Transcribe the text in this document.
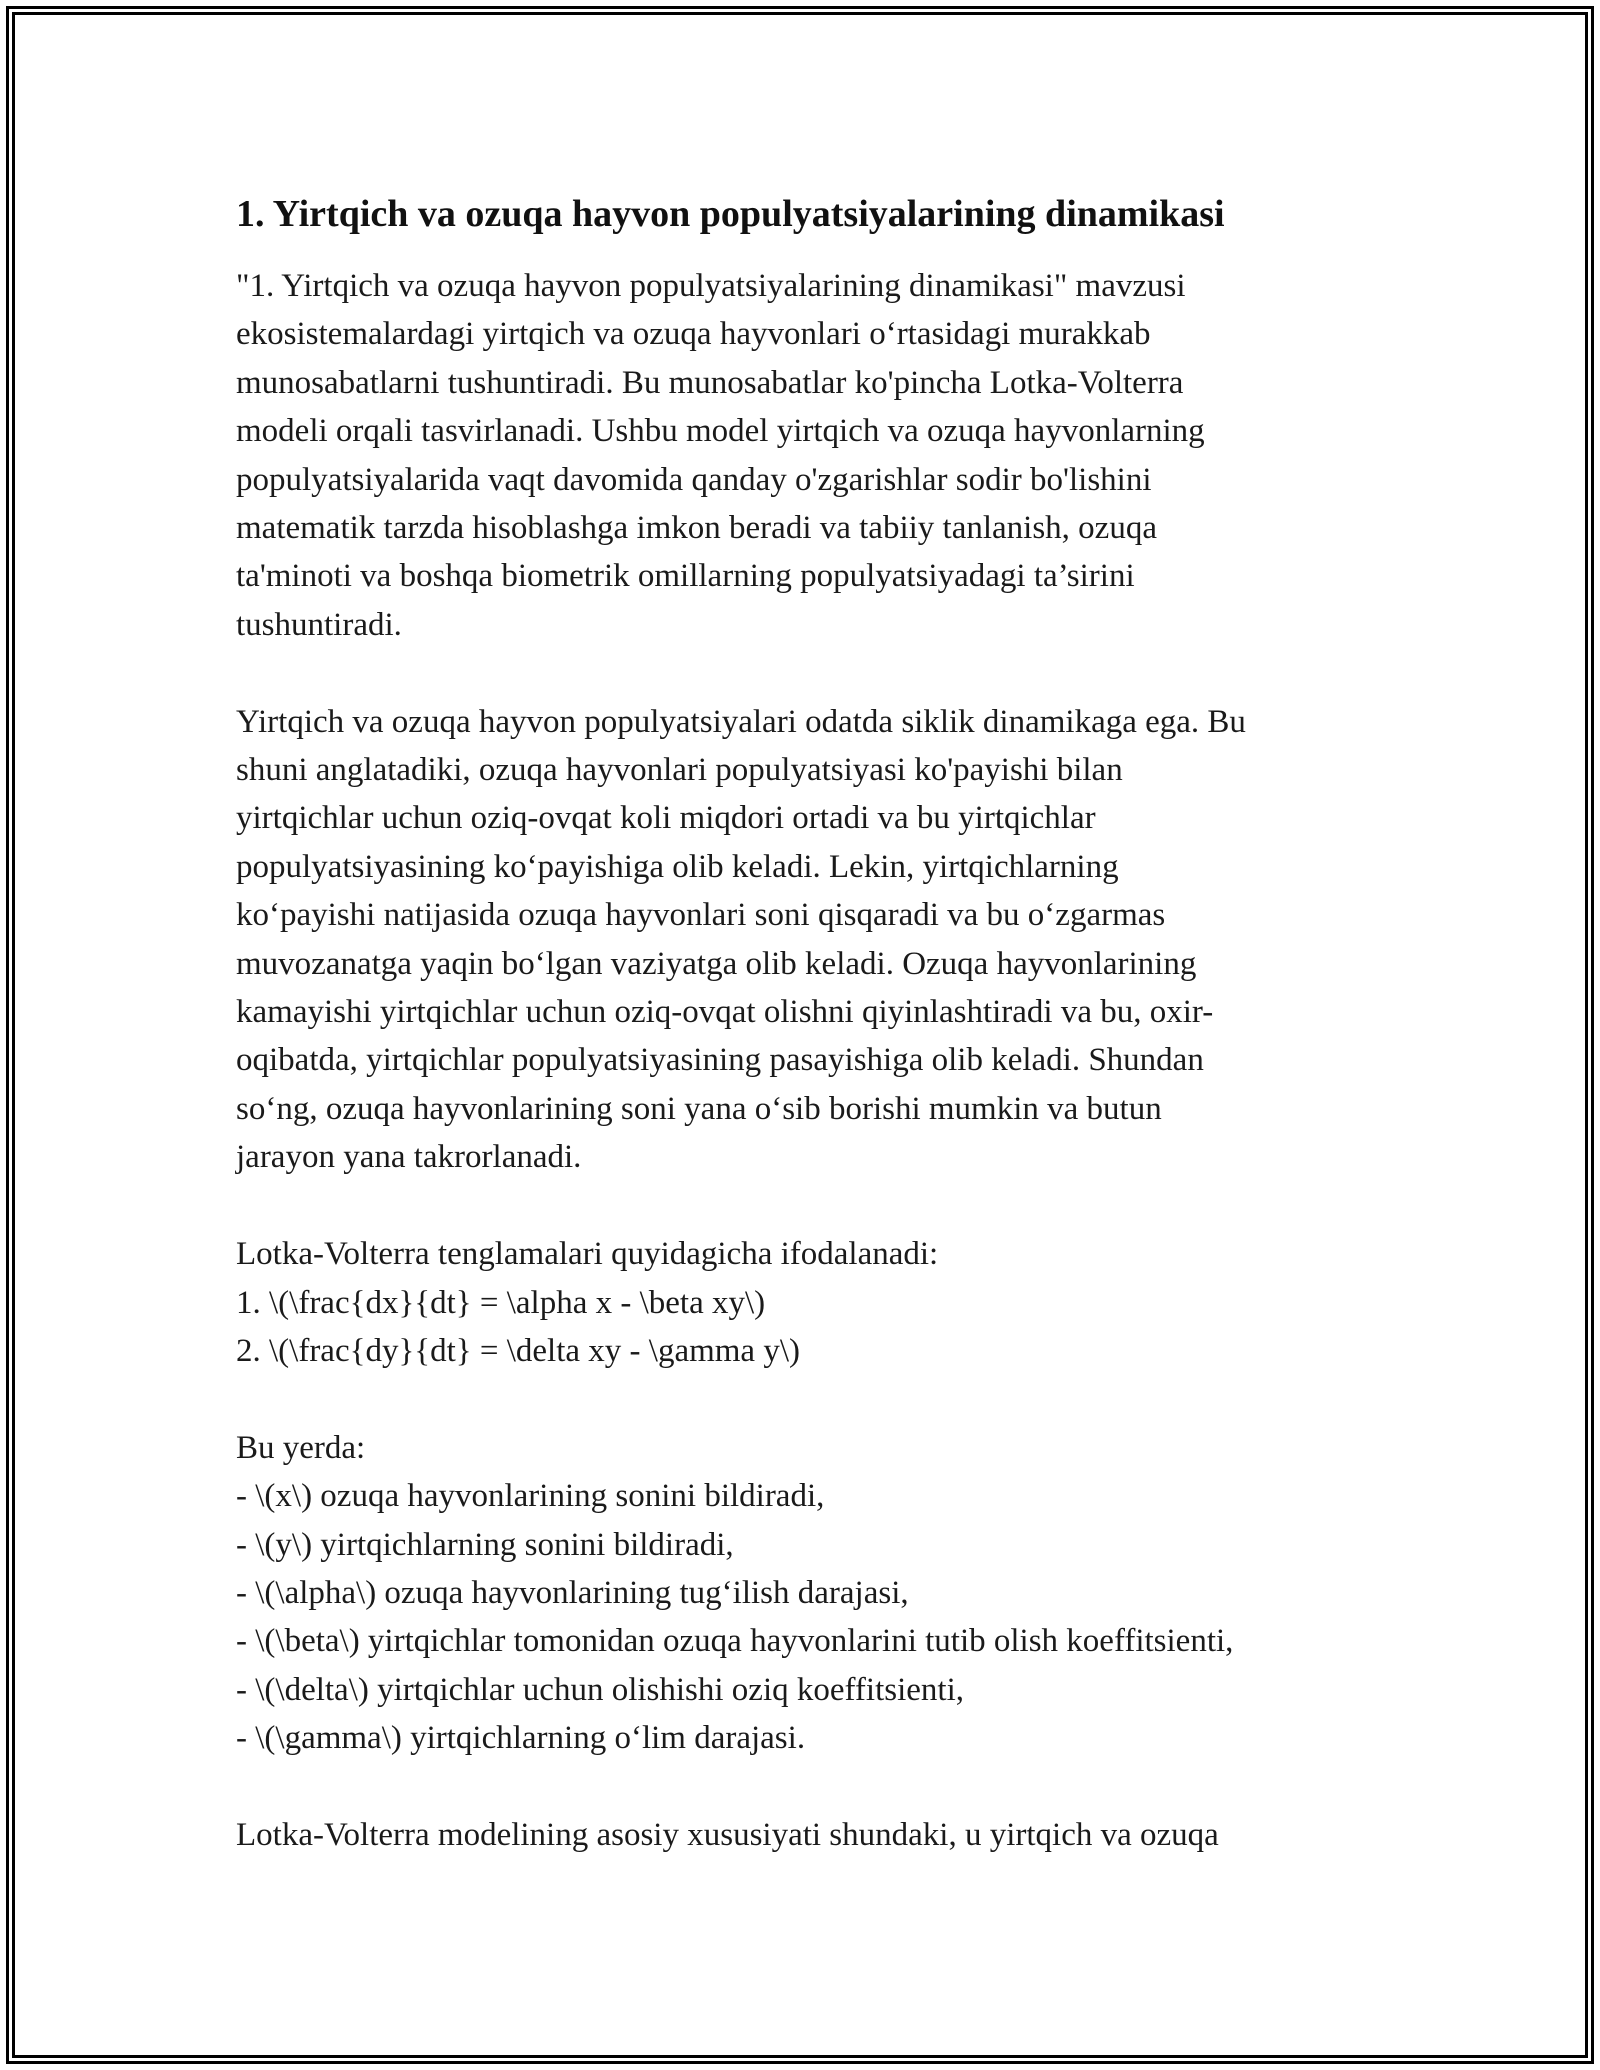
1. Yirtqich va ozuqa hayvon populyatsiyalarining dinamikasi

"1. Yirtqich va ozuqa hayvon populyatsiyalarining dinamikasi" mavzusi
ekosistemalardagi yirtqich va ozuqa hayvonlari o‘rtasidagi murakkab
munosabatlarni tushuntiradi. Bu munosabatlar ko'pincha Lotka-Volterra
modeli orqali tasvirlanadi. Ushbu model yirtqich va ozuqa hayvonlarning
populyatsiyalarida vaqt davomida qanday o'zgarishlar sodir bo'lishini
matematik tarzda hisoblashga imkon beradi va tabiiy tanlanish, ozuqa
ta'minoti va boshqa biometrik omillarning populyatsiyadagi ta’sirini
tushuntiradi.

Yirtqich va ozuqa hayvon populyatsiyalari odatda siklik dinamikaga ega. Bu
shuni anglatadiki, ozuqa hayvonlari populyatsiyasi ko'payishi bilan
yirtqichlar uchun oziq-ovqat koli miqdori ortadi va bu yirtqichlar
populyatsiyasining ko‘payishiga olib keladi. Lekin, yirtqichlarning
ko‘payishi natijasida ozuqa hayvonlari soni qisqaradi va bu o‘zgarmas
muvozanatga yaqin bo‘lgan vaziyatga olib keladi. Ozuqa hayvonlarining
kamayishi yirtqichlar uchun oziq-ovqat olishni qiyinlashtiradi va bu, oxir-
oqibatda, yirtqichlar populyatsiyasining pasayishiga olib keladi. Shundan
so‘ng, ozuqa hayvonlarining soni yana o‘sib borishi mumkin va butun
jarayon yana takrorlanadi.

Lotka-Volterra tenglamalari quyidagicha ifodalanadi:
1. \(\frac{dx}{dt} = \alpha x - \beta xy\)
2. \(\frac{dy}{dt} = \delta xy - \gamma y\)
Bu yerda:
- \(x\) ozuqa hayvonlarining sonini bildiradi,
- \(y\) yirtqichlarning sonini bildiradi,
- \(\alpha\) ozuqa hayvonlarining tug‘ilish darajasi,
- \(\beta\) yirtqichlar tomonidan ozuqa hayvonlarini tutib olish koeffitsienti,
- \(\delta\) yirtqichlar uchun olishishi oziq koeffitsienti,
- \(\gamma\) yirtqichlarning o‘lim darajasi.
Lotka-Volterra modelining asosiy xususiyati shundaki, u yirtqich va ozuqa
